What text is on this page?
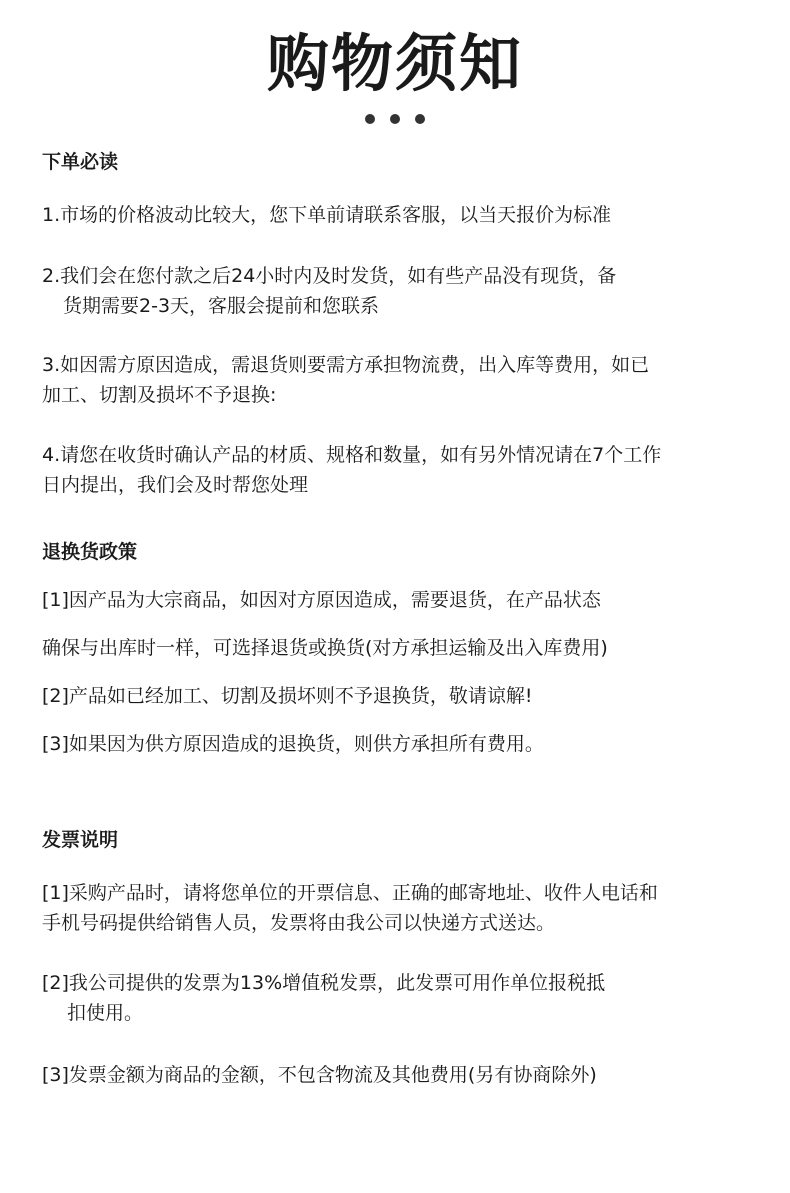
购物须知
下单必读
1.市场的价格波动比较大，您下单前请联系客服，以当天报价为标准
2.我们会在您付款之后24小时内及时发货，如有些产品没有现货，备
货期需要2-3天，客服会提前和您联系
3.如因需方原因造成，需退货则要需方承担物流费，出入库等费用，如已
加工、切割及损坏不予退换:
4.请您在收货时确认产品的材质、规格和数量，如有另外情况请在7个工作
日内提出，我们会及时帮您处理
退换货政策
[1]因产品为大宗商品，如因对方原因造成，需要退货，在产品状态
确保与出库时一样，可选择退货或换货(对方承担运输及出入库费用)
[2]产品如已经加工、切割及损坏则不予退换货，敬请谅解!
[3]如果因为供方原因造成的退换货，则供方承担所有费用。
发票说明
[1]采购产品时，请将您单位的开票信息、正确的邮寄地址、收件人电话和
手机号码提供给销售人员，发票将由我公司以快递方式送达。
[2]我公司提供的发票为13%增值税发票，此发票可用作单位报税抵
扣使用。
[3]发票金额为商品的金额，不包含物流及其他费用(另有协商除外)
